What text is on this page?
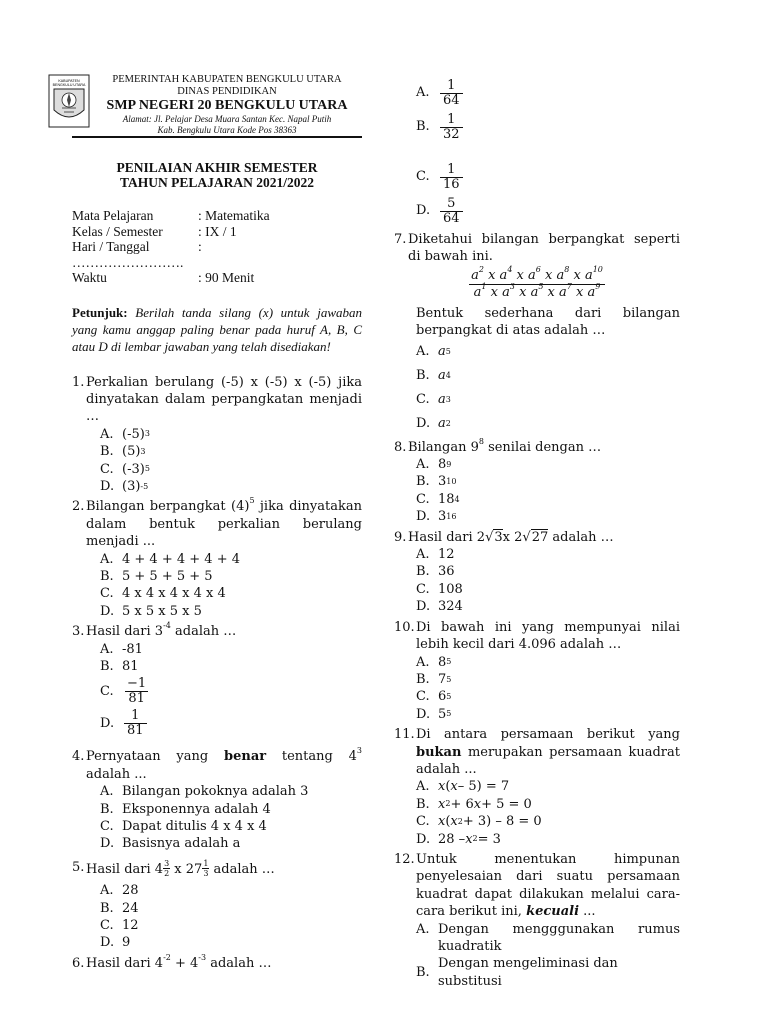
KABUPATEN
BENGKULU UTARA	PEMERINTAH KABUPATEN BENGKULU UTARA
DINAS PENDIDIKAN
SMP NEGERI 20 BENGKULU UTARA
Alamat: Jl. Pelajar Desa Muara Santan Kec. Napal Putih
Kab. Bengkulu Utara Kode Pos 38363
PENILAIAN AKHIR SEMESTER
TAHUN PELAJARAN 2021/2022
Mata Pelajaran	: Matematika
Kelas / Semester	: IX / 1
Hari / Tanggal	:
…………………….
Waktu	: 90 Menit
Petunjuk: Berilah tanda silang (x) untuk jawaban yang kamu anggap paling benar pada huruf A, B, C atau D di lembar jawaban yang telah disediakan!
1. Perkalian berulang (-5) x (-5) x (-5) jika dinyatakan dalam perpangkatan menjadi …
A. (-5) 3
B. (5) 3
C. (-3) 5
D. (3) -5
2. Bilangan berpangkat $(4)^5$ jika dinyatakan dalam bentuk perkalian berulang menjadi ...
A. 4 + 4 + 4 + 4 + 4
B. 5 + 5 + 5 + 5
C. 4 x 4 x 4 x 4 x 4
D. 5 x 5 x 5 x 5
3. Hasil dari $3^{-4}$ adalah …
A. -81
B. 81
C. $\frac{-1}{81}$
D. $\frac{1}{81}$
4. Pernyataan yang benar tentang $4^3$ adalah ...
A. Bilangan pokoknya adalah 3
B. Eksponennya adalah 4
C. Dapat ditulis 4 x 4 x 4
D. Basisnya adalah a
5. Hasil dari $4 \frac{3}{2}$ x $27 \frac{1}{3}$ adalah …
A. 28
B. 24
C. 12
D. 9
6. Hasil dari $4^{-2} + 4^{-3}$ adalah …
A. $\frac{1}{64}$
B. $\frac{1}{32}$
C. $\frac{1}{16}$
D. $\frac{5}{64}$
7. Diketahui bilangan berpangkat seperti di bawah ini.
$a^2$ x $a^4$ x $a^6$ x $a^8$ x $a^{10}$
$a^1$ x $a^3$ x $a^5$ x $a^7$ x $a^9$
Bentuk sederhana dari bilangan berpangkat di atas adalah …
A. a 5
B. a 4
C. a 3
D. a 2
8. Bilangan $9^8$ senilai dengan …
A. 8 9
B. 3 10
C. 18 4
D. 3 16
9. Hasil dari 2√3x 2√27 adalah …
A. 12
B. 36
C. 108
D. 324
10. Di bawah ini yang mempunyai nilai lebih kecil dari 4.096 adalah …
A. 8 5
B. 7 5
C. 6 5
D. 5 5
11. Di antara persamaan berikut yang bukan merupakan persamaan kuadrat adalah ...
A. x ( x – 5) = 7
B. x 2 + 6 x + 5 = 0
C. x ( x 2 + 3) – 8 = 0
D. 28 – x 2 = 3
12. Untuk menentukan himpunan penyelesaian dari suatu persamaan kuadrat dapat dilakukan melalui cara-cara berikut ini, kecuali ...
A. Dengan mengggunakan rumus kuadratik
B.
Dengan mengeliminasi dan substitusi
